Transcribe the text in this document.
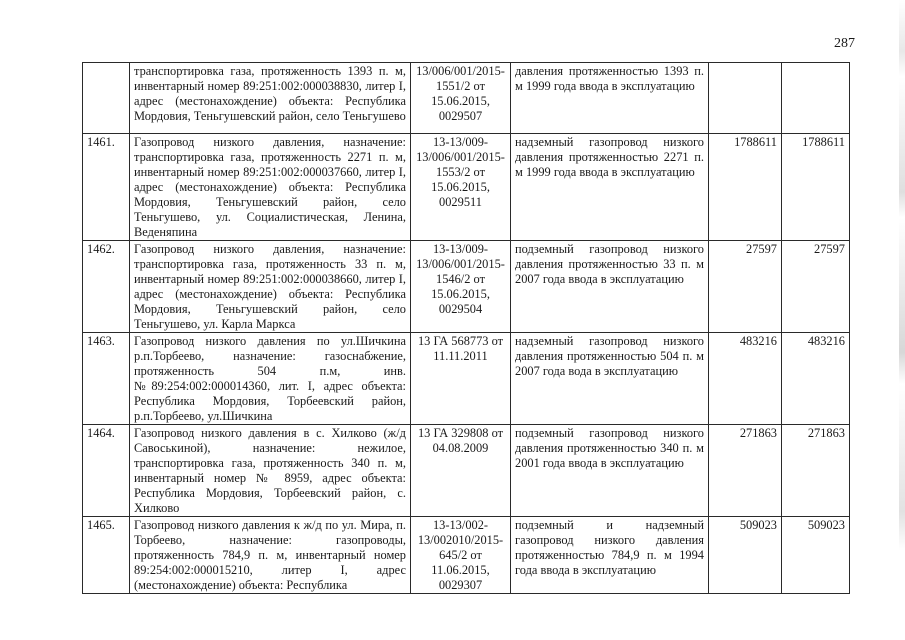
287
	транспортировка газа, протяженность 1393 п. м, инвентарный номер 89:251:002:000038830, литер I, адрес (местонахождение) объекта: Республика Мордовия, Теньгушевский район, село Теньгушево	13/006/001/2015-1551/2 от 15.06.2015, 0029507	давления протяженностью 1393 п. м 1999 года ввода в эксплуатацию		
1461.	Газопровод низкого давления, назначение: транспортировка газа, протяженность 2271 п. м, инвентарный номер 89:251:002:000037660, литер I, адрес (местонахождение) объекта: Республика Мордовия, Теньгушевский район, село Теньгушево, ул. Социалистическая, Ленина, Веденяпина	13-13/009-13/006/001/2015-1553/2 от 15.06.2015, 0029511	надземный газопровод низкого давления протяженностью 2271 п. м 1999 года ввода в эксплуатацию	1788611	1788611
1462.	Газопровод низкого давления, назначение: транспортировка газа, протяженность 33 п. м, инвентарный номер 89:251:002:000038660, литер I, адрес (местонахождение) объекта: Республика Мордовия, Теньгушевский район, село Теньгушево, ул. Карла Маркса	13-13/009-13/006/001/2015-1546/2 от 15.06.2015, 0029504	подземный газопровод низкого давления протяженностью 33 п. м 2007 года ввода в эксплуатацию	27597	27597
1463.	Газопровод низкого давления по ул.Шичкина р.п.Торбеево, назначение: газоснабжение, протяженность 504 п.м, инв. №89:254:002:000014360, лит. I, адрес объекта: Республика Мордовия, Торбеевский район, р.п.Торбеево, ул.Шичкина	13 ГА 568773 от 11.11.2011	надземный газопровод низкого давления протяженностью 504 п. м 2007 года вода в эксплуатацию	483216	483216
1464.	Газопровод низкого давления в с. Хилково (ж/д Савоськиной), назначение: нежилое, транспортировка газа, протяженность 340 п. м, инвентарный номер № 8959, адрес объекта: Республика Мордовия, Торбеевский район, с. Хилково	13 ГА 329808 от 04.08.2009	подземный газопровод низкого давления протяженностью 340 п. м 2001 года ввода в эксплуатацию	271863	271863
1465.	Газопровод низкого давления к ж/д по ул. Мира, п. Торбеево, назначение: газопроводы, протяженность 784,9 п. м, инвентарный номер 89:254:002:000015210, литер I, адрес (местонахождение) объекта: Республика	13-13/002-13/002010/2015-645/2 от 11.06.2015, 0029307	подземный и надземный газопровод низкого давления протяженностью 784,9 п. м 1994 года ввода в эксплуатацию	509023	509023
